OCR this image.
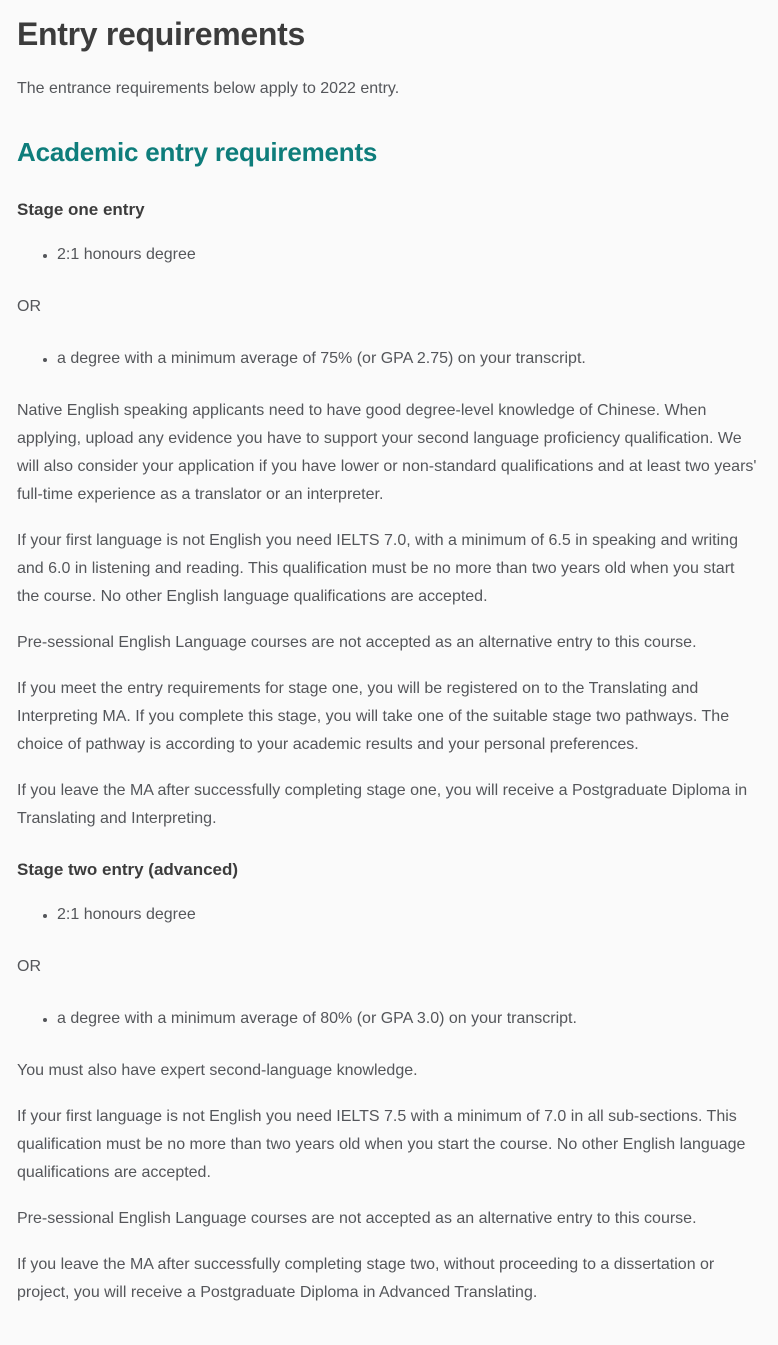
Entry requirements

The entrance requirements below apply to 2022 entry.

Academic entry requirements
Stage one entry
• 2:1 honours degree

OR

• a degree with a minimum average of 75% (or GPA 2.75) on your transcript.

Native English speaking applicants need to have good degree-level knowledge of Chinese. When applying, upload any evidence you have to support your second language proficiency qualification. We will also consider your application if you have lower or non-standard qualifications and at least two years' full-time experience as a translator or an interpreter.

If your first language is not English you need IELTS 7.0, with a minimum of 6.5 in speaking and writing and 6.0 in listening and reading. This qualification must be no more than two years old when you start the course. No other English language qualifications are accepted.

Pre-sessional English Language courses are not accepted as an alternative entry to this course.

If you meet the entry requirements for stage one, you will be registered on to the Translating and Interpreting MA. If you complete this stage, you will take one of the suitable stage two pathways. The choice of pathway is according to your academic results and your personal preferences.

If you leave the MA after successfully completing stage one, you will receive a Postgraduate Diploma in Translating and Interpreting.

Stage two entry (advanced)
• 2:1 honours degree

OR

• a degree with a minimum average of 80% (or GPA 3.0) on your transcript.

You must also have expert second-language knowledge.

If your first language is not English you need IELTS 7.5 with a minimum of 7.0 in all sub-sections. This qualification must be no more than two years old when you start the course. No other English language qualifications are accepted.

Pre-sessional English Language courses are not accepted as an alternative entry to this course.

If you leave the MA after successfully completing stage two, without proceeding to a dissertation or project, you will receive a Postgraduate Diploma in Advanced Translating.
